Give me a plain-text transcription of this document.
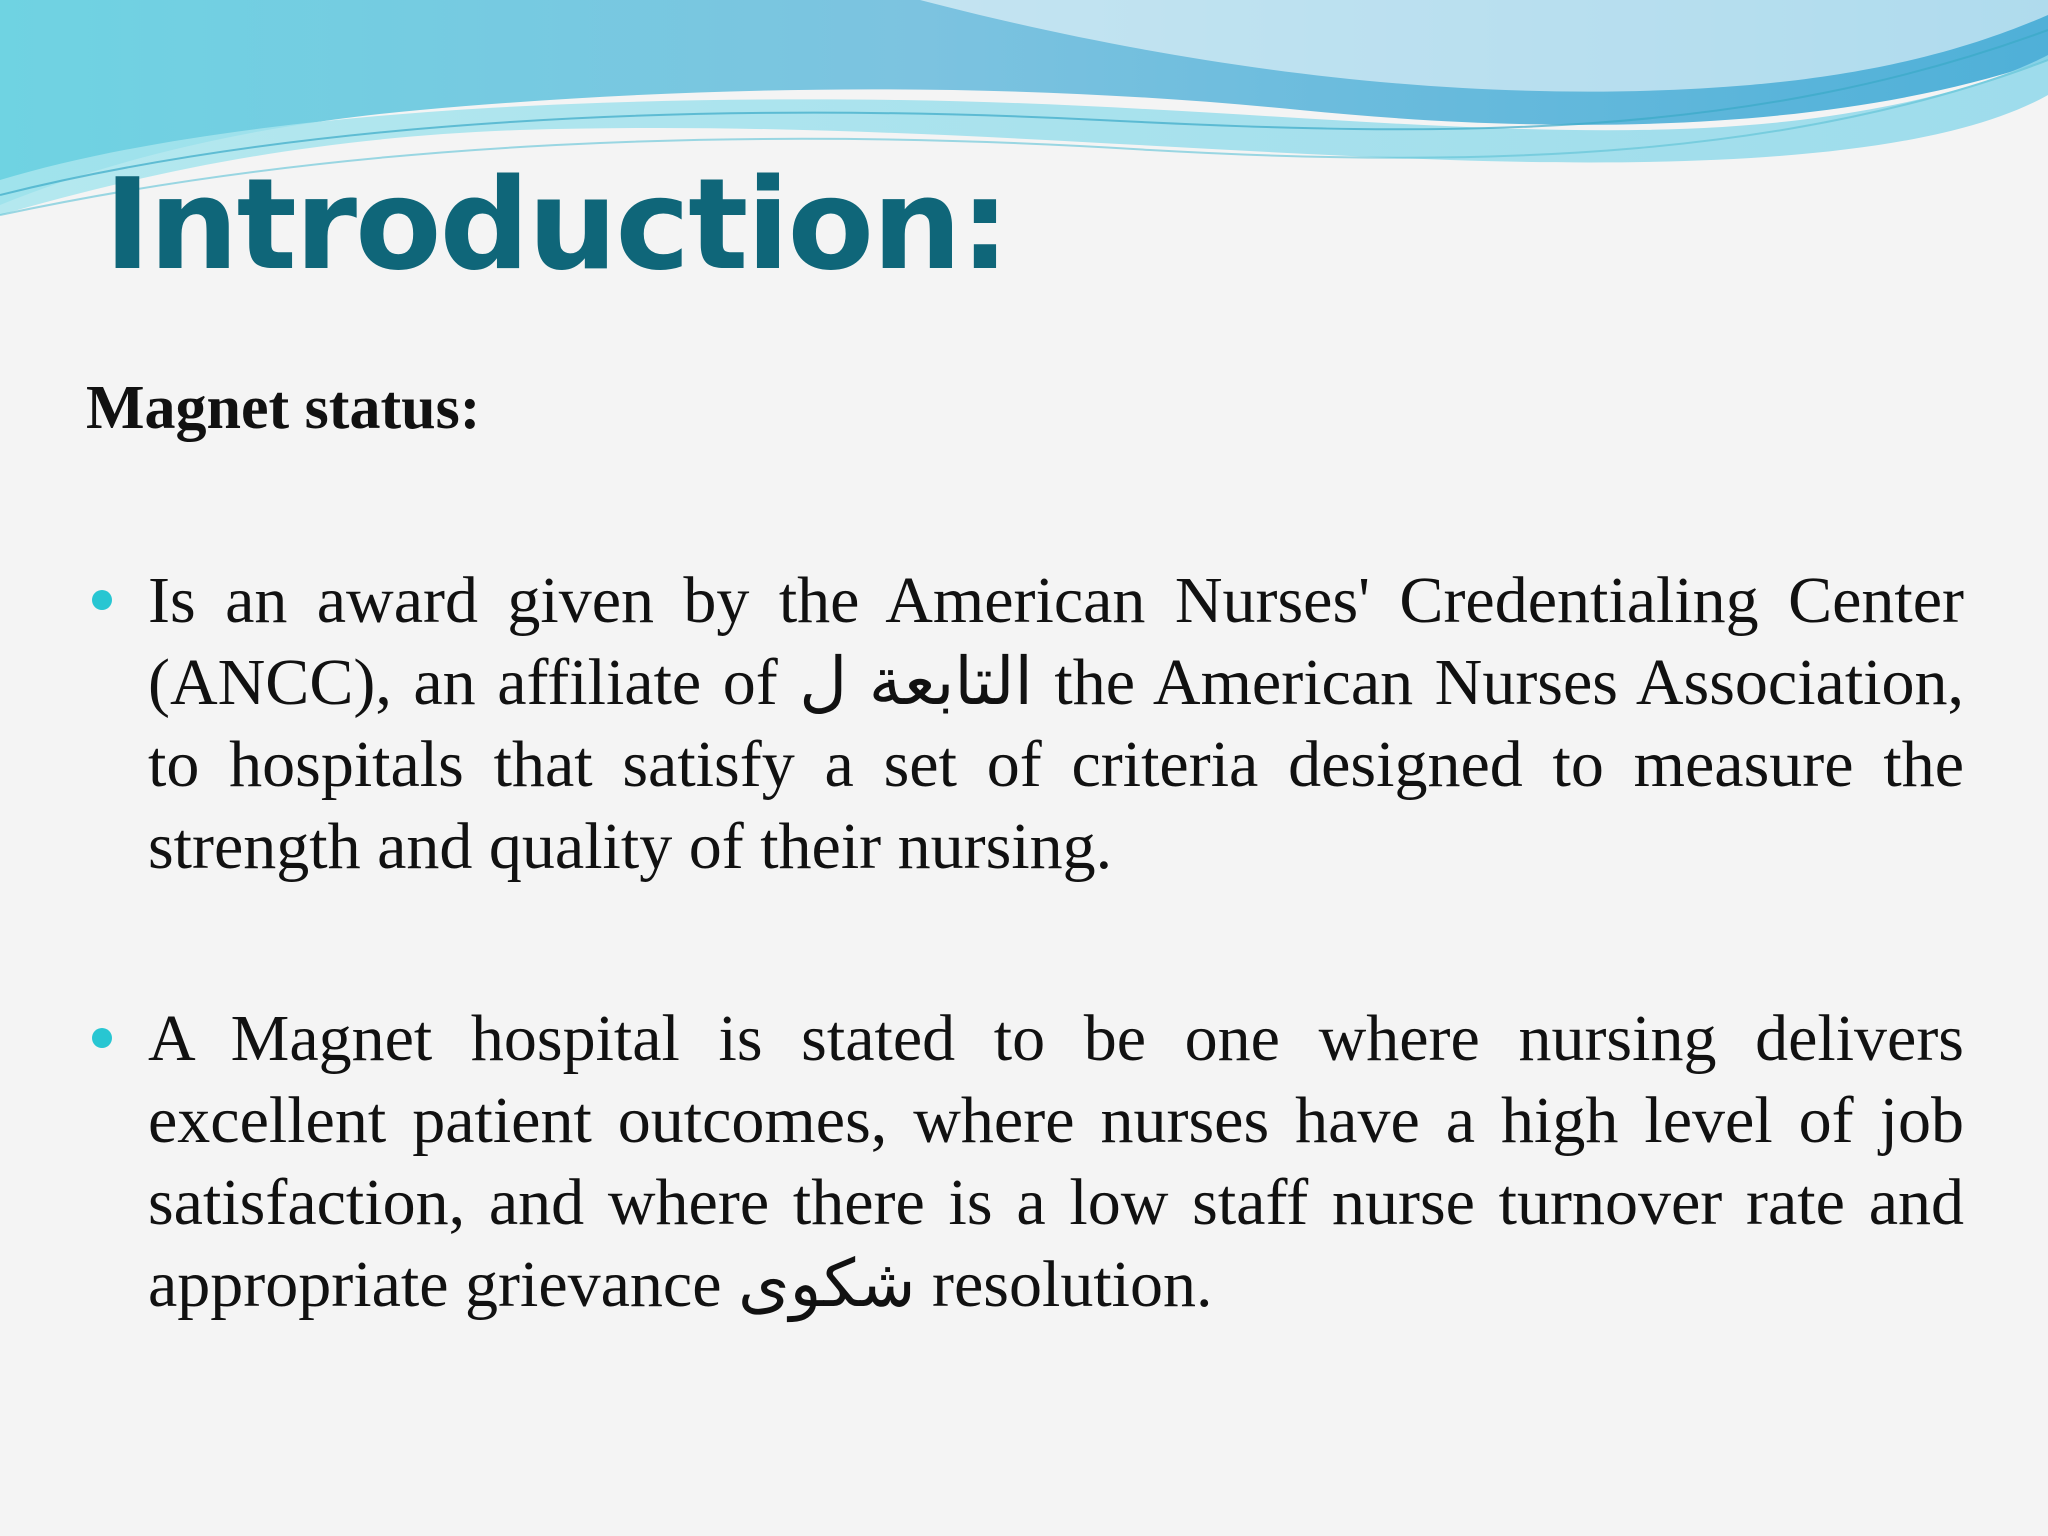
Introduction:
Magnet status:
Is an award given by the American Nurses' Credentialing Center (ANCC), an affiliate of التابعة ل the American Nurses Association, to hospitals that satisfy a set of criteria designed to measure the strength and quality of their nursing.
A Magnet hospital is stated to be one where nursing delivers excellent patient outcomes, where nurses have a high level of job satisfaction, and where there is a low staff nurse turnover rate and appropriate grievance شكوى resolution.
